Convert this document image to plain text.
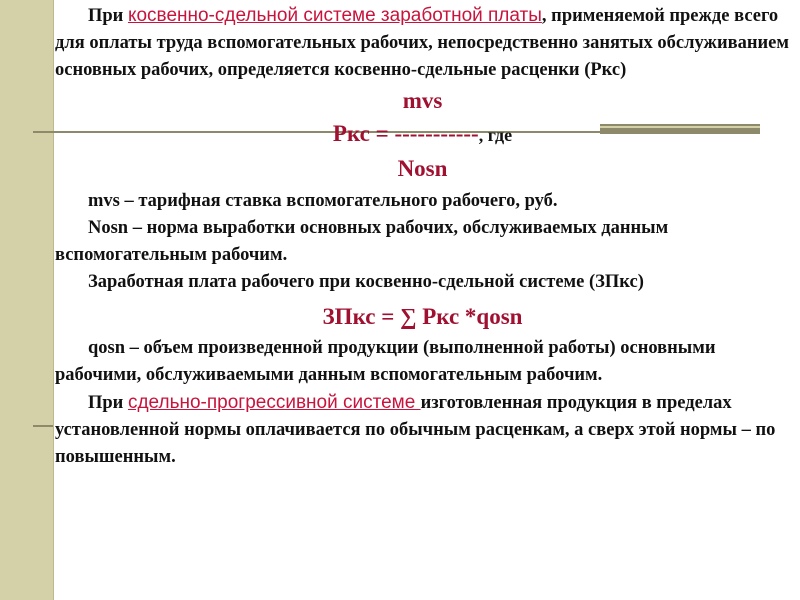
При косвенно-сдельной системе заработной платы, применяемой прежде всего для оплаты труда вспомогательных рабочих, непосредственно занятых обслуживанием основных рабочих, определяется косвенно-сдельные расценки (Ркс)

mvs
Ркс = -----------, где
Nosn

mvs – тарифная ставка вспомогательного рабочего, руб.

Nosn – норма выработки основных рабочих, обслуживаемых данным вспомогательным рабочим.

Заработная плата рабочего при косвенно-сдельной системе (ЗПкс)

ЗПкс = ∑ Ркс *qosn

qosn – объем произведенной продукции (выполненной работы) основными рабочими, обслуживаемыми данным вспомогательным рабочим.

При сдельно-прогрессивной системе изготовленная продукция в пределах установленной нормы оплачивается по обычным расценкам, а сверх этой нормы – по повышенным.
